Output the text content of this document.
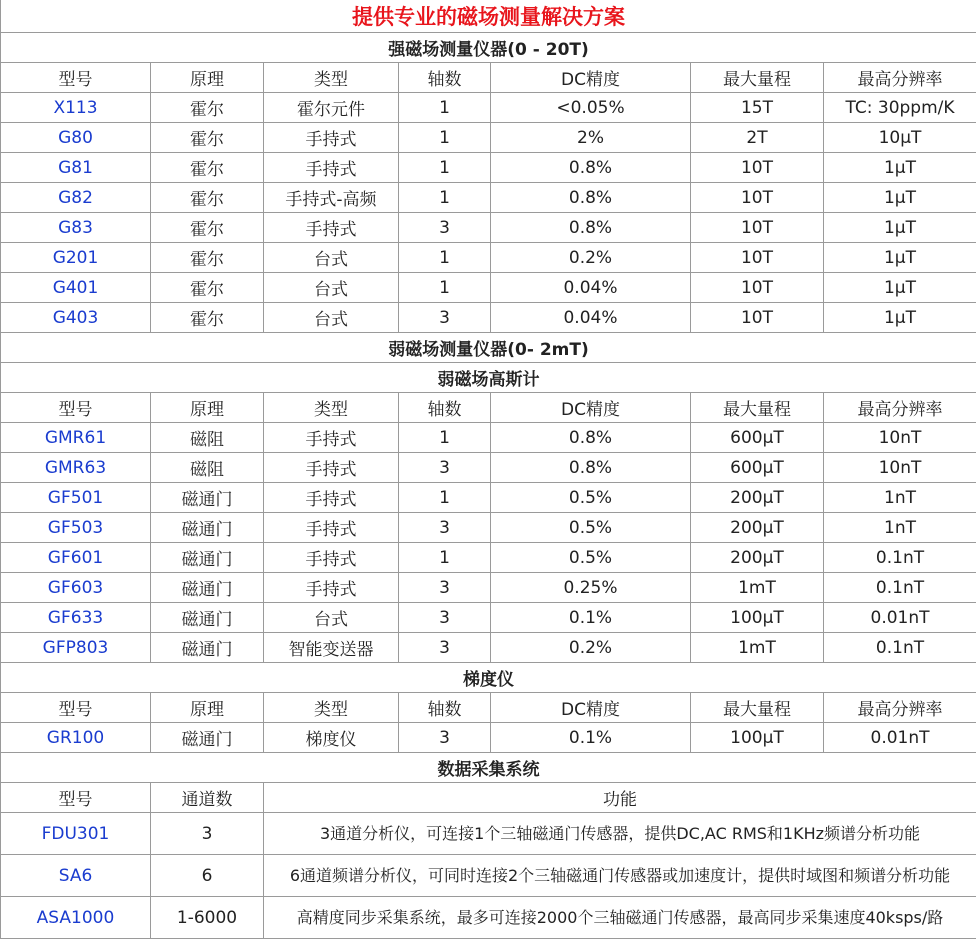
提供专业的磁场测量解决方案						
强磁场测量仪器(0 - 20T)						
型号	原理	类型	轴数	DC精度	最大量程	最高分辨率
X113	霍尔	霍尔元件	1	<0.05%	15T	TC: 30ppm/K
G80	霍尔	手持式	1	2%	2T	10μT
G81	霍尔	手持式	1	0.8%	10T	1μT
G82	霍尔	手持式-高频	1	0.8%	10T	1μT
G83	霍尔	手持式	3	0.8%	10T	1μT
G201	霍尔	台式	1	0.2%	10T	1μT
G401	霍尔	台式	1	0.04%	10T	1μT
G403	霍尔	台式	3	0.04%	10T	1μT
弱磁场测量仪器(0- 2mT)						
弱磁场高斯计						
型号	原理	类型	轴数	DC精度	最大量程	最高分辨率
GMR61	磁阻	手持式	1	0.8%	600μT	10nT
GMR63	磁阻	手持式	3	0.8%	600μT	10nT
GF501	磁通门	手持式	1	0.5%	200μT	1nT
GF503	磁通门	手持式	3	0.5%	200μT	1nT
GF601	磁通门	手持式	1	0.5%	200μT	0.1nT
GF603	磁通门	手持式	3	0.25%	1mT	0.1nT
GF633	磁通门	台式	3	0.1%	100μT	0.01nT
GFP803	磁通门	智能变送器	3	0.2%	1mT	0.1nT
梯度仪						
型号	原理	类型	轴数	DC精度	最大量程	最高分辨率
GR100	磁通门	梯度仪	3	0.1%	100μT	0.01nT
数据采集系统						
型号	通道数	功能				
FDU301	3	3通道分析仪，可连接1个三轴磁通门传感器，提供DC,AC RMS和1KHz频谱分析功能				
SA6	6	6通道频谱分析仪，可同时连接2个三轴磁通门传感器或加速度计，提供时域图和频谱分析功能				
ASA1000	1-6000	高精度同步采集系统，最多可连接2000个三轴磁通门传感器，最高同步采集速度40ksps/路				
